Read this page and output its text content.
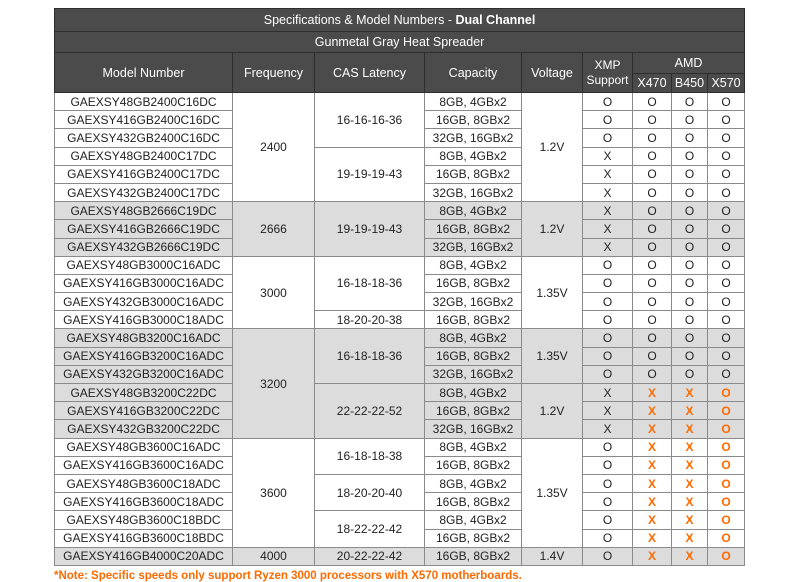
Specifications & Model Numbers - Dual Channel								
Gunmetal Gray Heat Spreader								
Model Number	Frequency	CAS Latency	Capacity	Voltage	XMP Support	AMD		
						X470	B450	X570
GAEXSY48GB2400C16DC	2400	16-16-16-36	8GB, 4GBx2	1.2V	O	O	O	O
GAEXSY416GB2400C16DC			16GB, 8GBx2		O	O	O	O
GAEXSY432GB2400C16DC			32GB, 16GBx2		O	O	O	O
GAEXSY48GB2400C17DC		19-19-19-43	8GB, 4GBx2		X	O	O	O
GAEXSY416GB2400C17DC			16GB, 8GBx2		X	O	O	O
GAEXSY432GB2400C17DC			32GB, 16GBx2		X	O	O	O
GAEXSY48GB2666C19DC	2666	19-19-19-43	8GB, 4GBx2	1.2V	X	O	O	O
GAEXSY416GB2666C19DC			16GB, 8GBx2		X	O	O	O
GAEXSY432GB2666C19DC			32GB, 16GBx2		X	O	O	O
GAEXSY48GB3000C16ADC	3000	16-18-18-36	8GB, 4GBx2	1.35V	O	O	O	O
GAEXSY416GB3000C16ADC			16GB, 8GBx2		O	O	O	O
GAEXSY432GB3000C16ADC			32GB, 16GBx2		O	O	O	O
GAEXSY416GB3000C18ADC		18-20-20-38	16GB, 8GBx2		O	O	O	O
GAEXSY48GB3200C16ADC	3200	16-18-18-36	8GB, 4GBx2	1.35V	O	O	O	O
GAEXSY416GB3200C16ADC			16GB, 8GBx2		O	O	O	O
GAEXSY432GB3200C16ADC			32GB, 16GBx2		O	O	O	O
GAEXSY48GB3200C22DC		22-22-22-52	8GB, 4GBx2	1.2V	X	X	X	O
GAEXSY416GB3200C22DC			16GB, 8GBx2		X	X	X	O
GAEXSY432GB3200C22DC			32GB, 16GBx2		X	X	X	O
GAEXSY48GB3600C16ADC	3600	16-18-18-38	8GB, 4GBx2	1.35V	O	X	X	O
GAEXSY416GB3600C16ADC			16GB, 8GBx2		O	X	X	O
GAEXSY48GB3600C18ADC		18-20-20-40	8GB, 4GBx2		O	X	X	O
GAEXSY416GB3600C18ADC			16GB, 8GBx2		O	X	X	O
GAEXSY48GB3600C18BDC		18-22-22-42	8GB, 4GBx2		O	X	X	O
GAEXSY416GB3600C18BDC			16GB, 8GBx2		O	X	X	O
GAEXSY416GB4000C20ADC	4000	20-22-22-42	16GB, 8GBx2	1.4V	O	X	X	O
*Note: Specific speeds only support Ryzen 3000 processors with X570 motherboards.
